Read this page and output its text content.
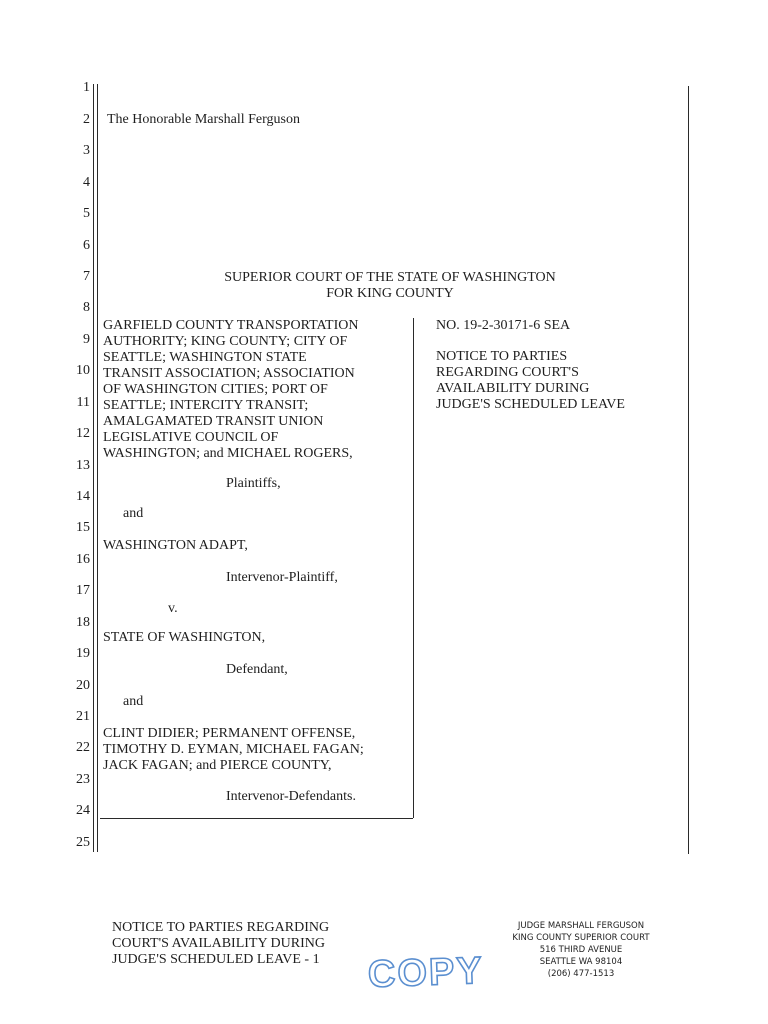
1
2
3
4
5
6
7
8
9
10
11
12
13
14
15
16
17
18
19
20
21
22
23
24
25
The Honorable Marshall Ferguson
SUPERIOR COURT OF THE STATE OF WASHINGTON
FOR KING COUNTY
GARFIELD COUNTY TRANSPORTATION
AUTHORITY; KING COUNTY; CITY OF
SEATTLE; WASHINGTON STATE
TRANSIT ASSOCIATION; ASSOCIATION
OF WASHINGTON CITIES; PORT OF
SEATTLE; INTERCITY TRANSIT;
AMALGAMATED TRANSIT UNION
LEGISLATIVE COUNCIL OF
WASHINGTON; and MICHAEL ROGERS,
Plaintiffs,
and
WASHINGTON ADAPT,
Intervenor-Plaintiff,
v.
STATE OF WASHINGTON,
Defendant,
and
CLINT DIDIER; PERMANENT OFFENSE,
TIMOTHY D. EYMAN, MICHAEL FAGAN;
JACK FAGAN; and PIERCE COUNTY,
Intervenor-Defendants.
NO. 19-2-30171-6 SEA
NOTICE TO PARTIES
REGARDING COURT'S
AVAILABILITY DURING
JUDGE'S SCHEDULED LEAVE
NOTICE TO PARTIES REGARDING
COURT'S AVAILABILITY DURING
JUDGE'S SCHEDULED LEAVE - 1
JUDGE MARSHALL FERGUSON
KING COUNTY SUPERIOR COURT
516 THIRD AVENUE
SEATTLE WA 98104
(206) 477-1513
COPY
